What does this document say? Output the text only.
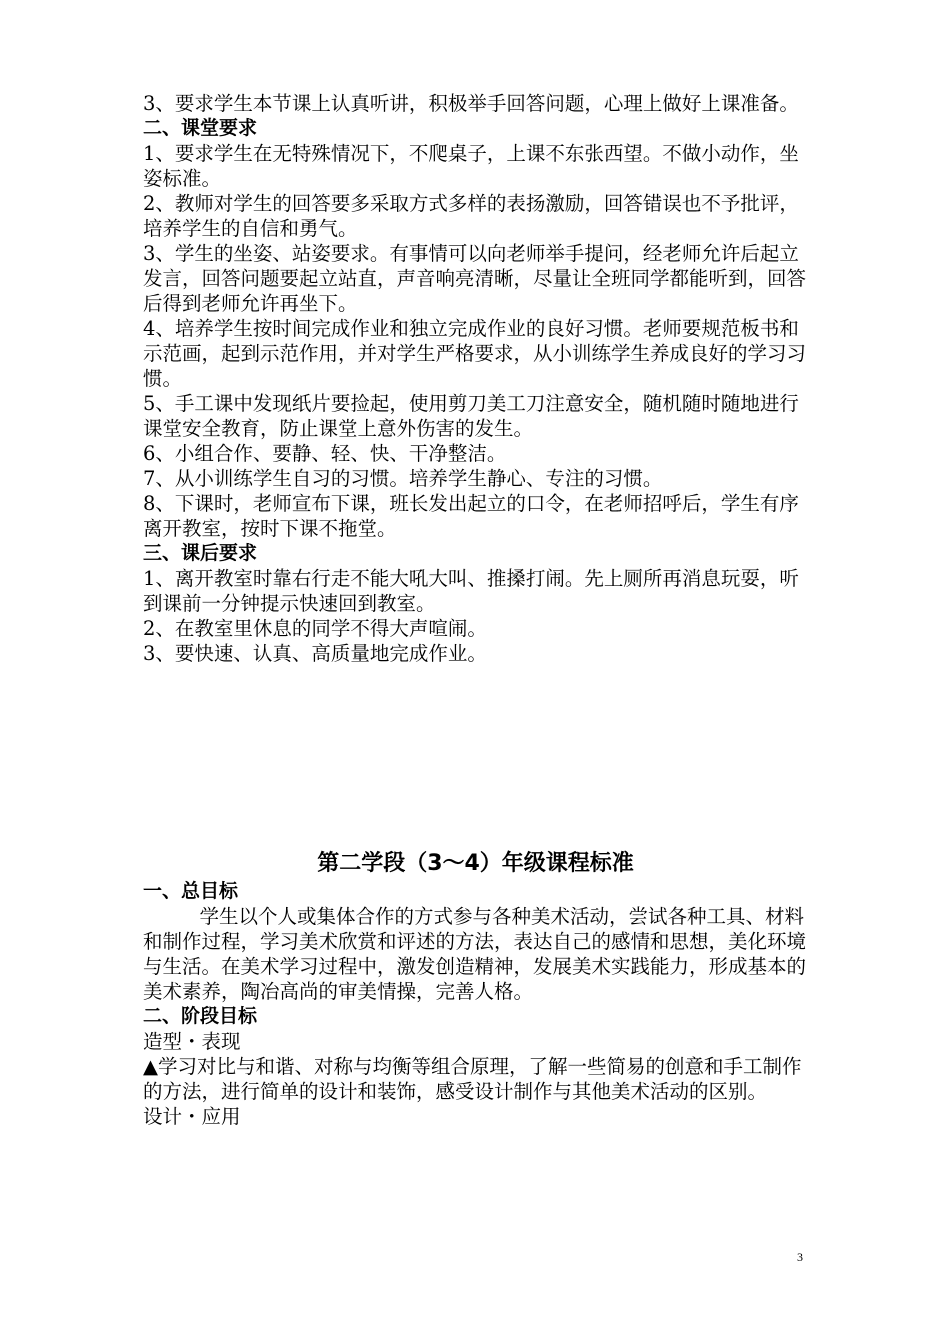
3、要求学生本节课上认真听讲，积极举手回答问题，心理上做好上课准备。

二、课堂要求

1、要求学生在无特殊情况下，不爬桌子，上课不东张西望。不做小动作，坐姿标准。

2、教师对学生的回答要多采取方式多样的表扬激励，回答错误也不予批评，培养学生的自信和勇气。

3、学生的坐姿、站姿要求。有事情可以向老师举手提问，经老师允许后起立发言，回答问题要起立站直，声音响亮清晰，尽量让全班同学都能听到，回答后得到老师允许再坐下。

4、培养学生按时间完成作业和独立完成作业的良好习惯。老师要规范板书和示范画，起到示范作用，并对学生严格要求，从小训练学生养成良好的学习习惯。

5、手工课中发现纸片要捡起，使用剪刀美工刀注意安全，随机随时随地进行课堂安全教育，防止课堂上意外伤害的发生。

6、小组合作、要静、轻、快、干净整洁。

7、从小训练学生自习的习惯。培养学生静心、专注的习惯。

8、下课时，老师宣布下课，班长发出起立的口令，在老师招呼后，学生有序离开教室，按时下课不拖堂。

三、课后要求

1、离开教室时靠右行走不能大吼大叫、推搡打闹。先上厕所再消息玩耍，听到课前一分钟提示快速回到教室。

2、在教室里休息的同学不得大声喧闹。

3、要快速、认真、高质量地完成作业。

第二学段（3～4）年级课程标准

一、总目标

学生以个人或集体合作的方式参与各种美术活动，尝试各种工具、材料和制作过程，学习美术欣赏和评述的方法，表达自己的感情和思想，美化环境与生活。在美术学习过程中，激发创造精神，发展美术实践能力，形成基本的美术素养，陶冶高尚的审美情操，完善人格。

二、阶段目标

造型・表现

▲学习对比与和谐、对称与均衡等组合原理，了解一些简易的创意和手工制作的方法，进行简单的设计和装饰，感受设计制作与其他美术活动的区别。

设计・应用

3
